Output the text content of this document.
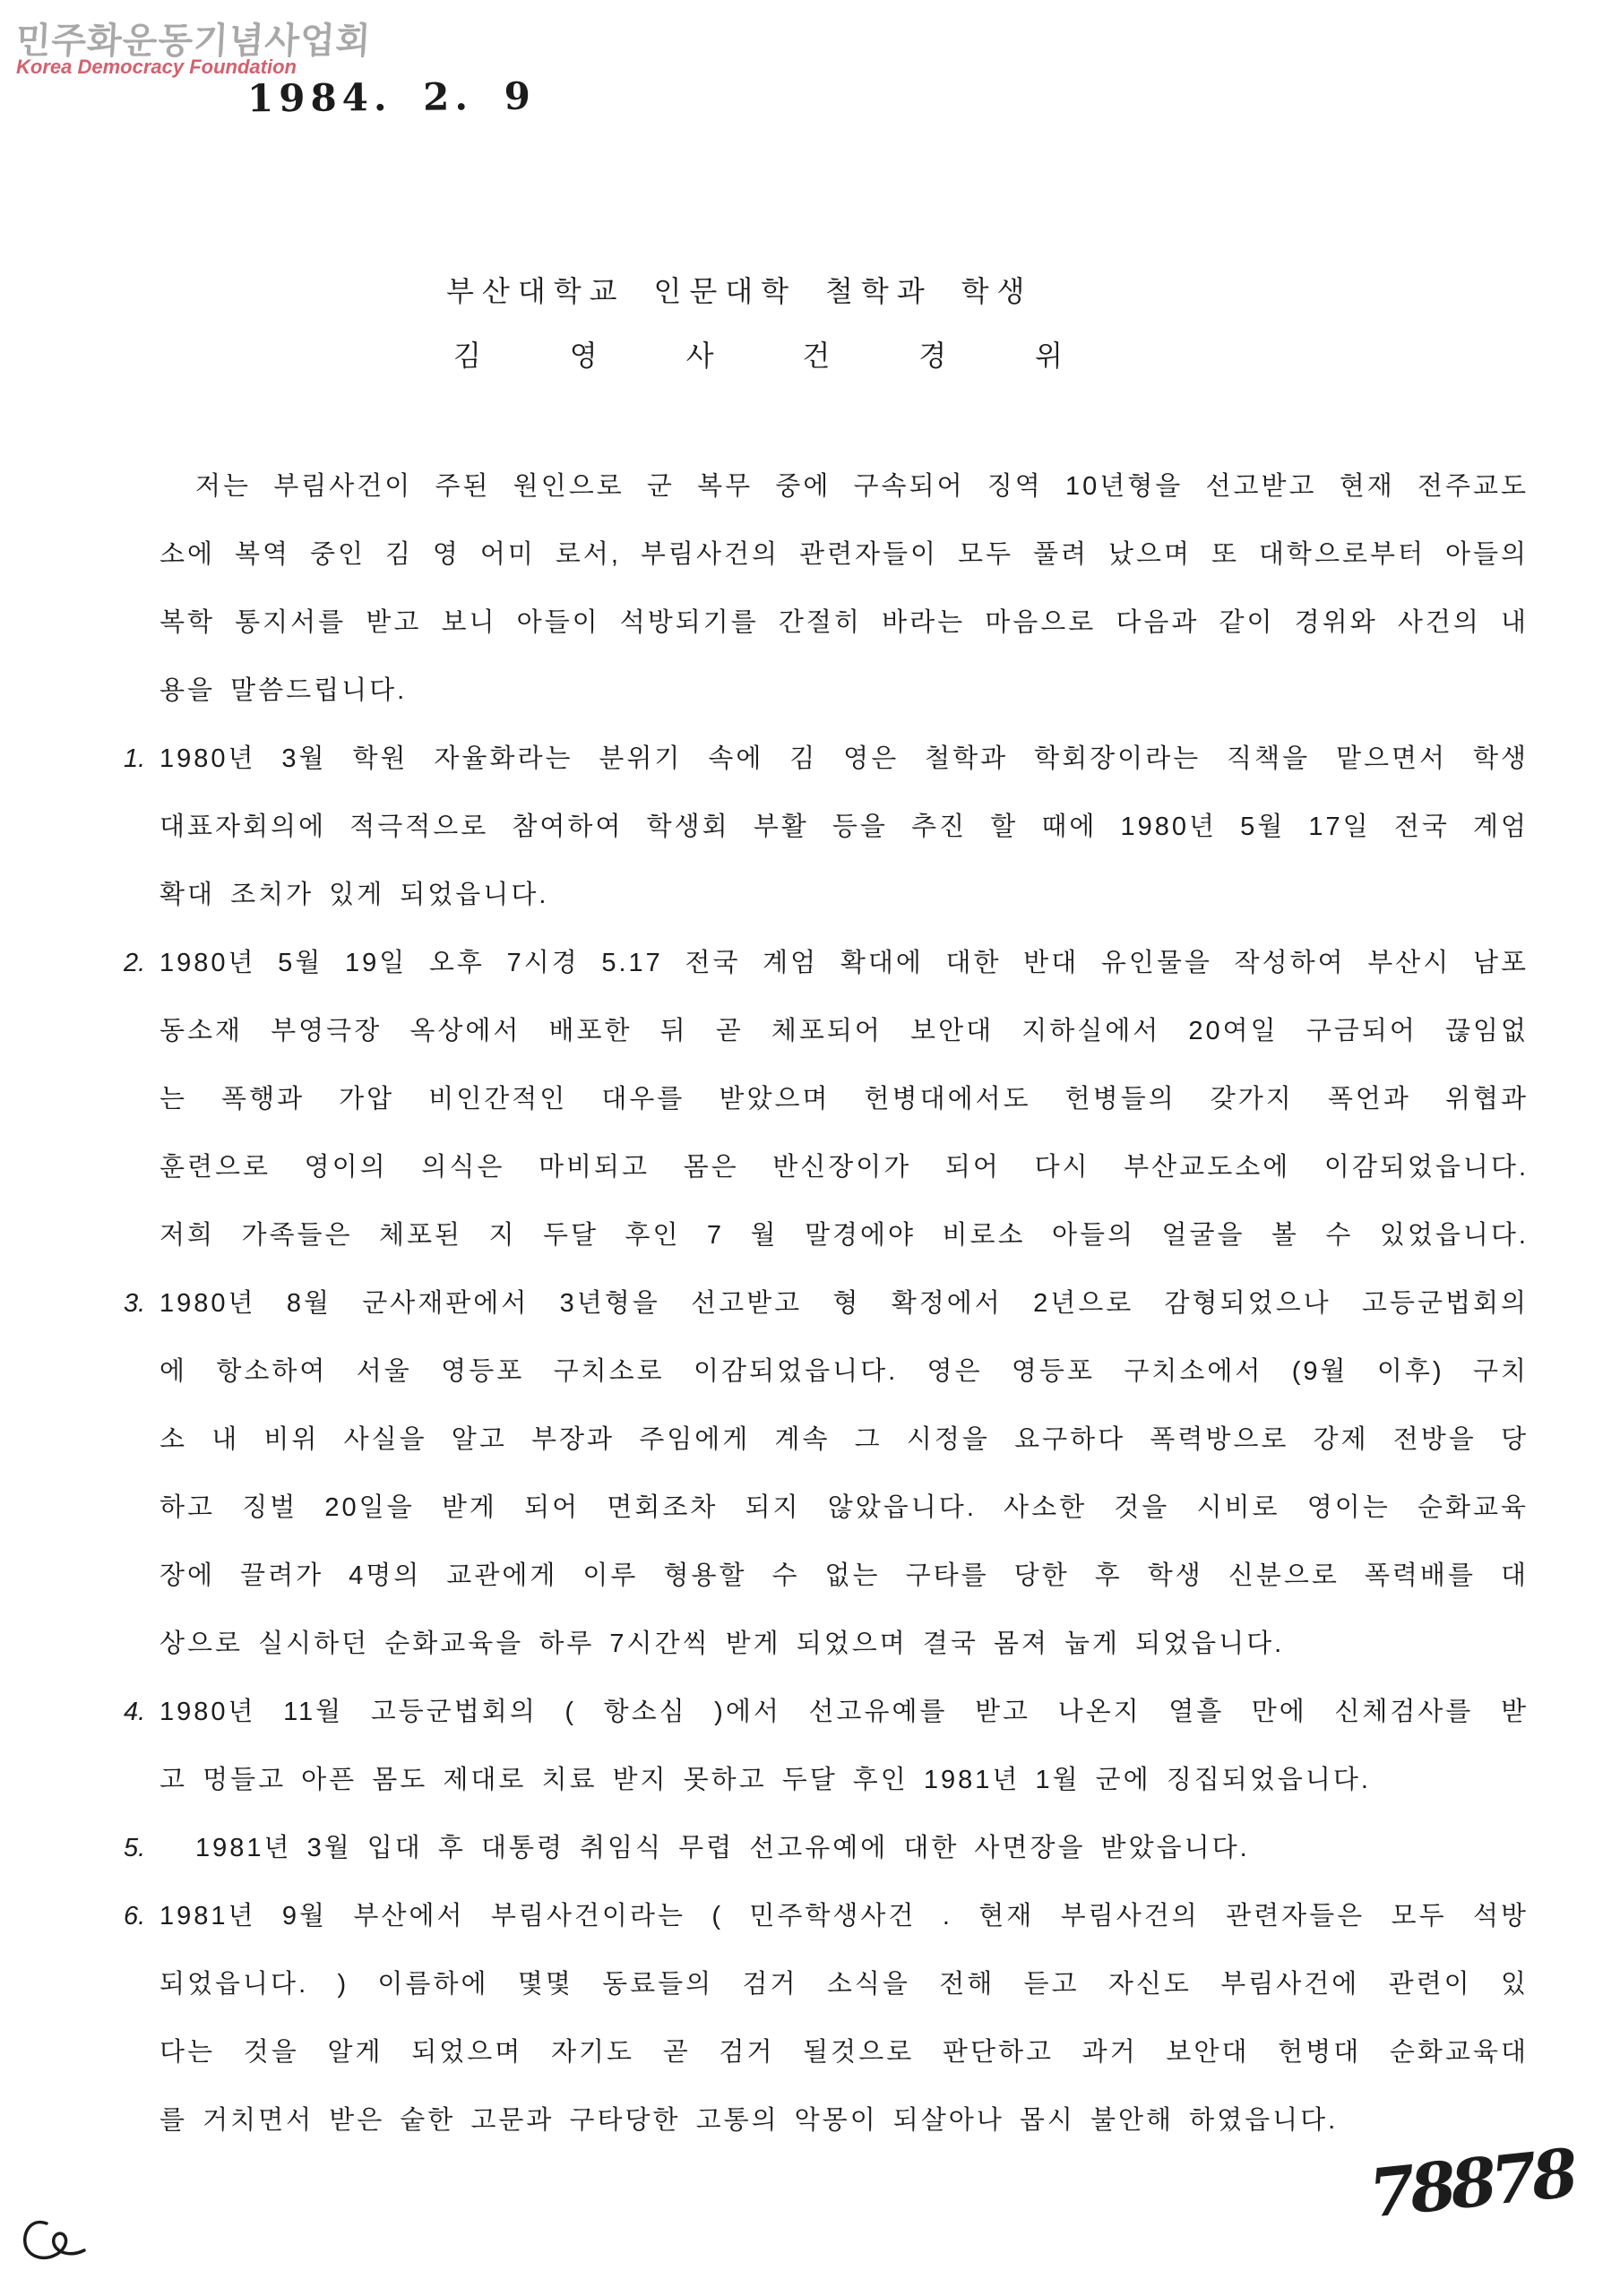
민주화운동기념사업회
Korea Democracy Foundation
1984. 2. 9
부산대학교 인문대학 철학과 학생
김 영 사 건 경 위
저는 부림사건이 주된 원인으로 군 복무 중에 구속되어 징역 10년형을 선고받고 현재 전주교도
소에 복역 중인 김 영 어미 로서, 부림사건의 관련자들이 모두 풀려 났으며 또 대학으로부터 아들의
복학 통지서를 받고 보니 아들이 석방되기를 간절히 바라는 마음으로 다음과 같이 경위와 사건의 내
용을 말씀드립니다.
1. 1980년 3월 학원 자율화라는 분위기 속에 김 영은 철학과 학회장이라는 직책을 맡으면서 학생
대표자회의에 적극적으로 참여하여 학생회 부활 등을 추진 할 때에 1980년 5월 17일 전국 계엄
확대 조치가 있게 되었읍니다.
2. 1980년 5월 19일 오후 7시경 5.17 전국 계엄 확대에 대한 반대 유인물을 작성하여 부산시 남포
동소재 부영극장 옥상에서 배포한 뒤 곧 체포되어 보안대 지하실에서 20여일 구금되어 끊임없
는 폭행과 가압 비인간적인 대우를 받았으며 헌병대에서도 헌병들의 갖가지 폭언과 위협과
훈련으로 영이의 의식은 마비되고 몸은 반신장이가 되어 다시 부산교도소에 이감되었읍니다.
저희 가족들은 체포된 지 두달 후인 7 월 말경에야 비로소 아들의 얼굴을 볼 수 있었읍니다.
3. 1980년 8월 군사재판에서 3년형을 선고받고 형 확정에서 2년으로 감형되었으나 고등군법회의
에 항소하여 서울 영등포 구치소로 이감되었읍니다. 영은 영등포 구치소에서 (9월 이후) 구치
소 내 비위 사실을 알고 부장과 주임에게 계속 그 시정을 요구하다 폭력방으로 강제 전방을 당
하고 징벌 20일을 받게 되어 면회조차 되지 않았읍니다. 사소한 것을 시비로 영이는 순화교육
장에 끌려가 4명의 교관에게 이루 형용할 수 없는 구타를 당한 후 학생 신분으로 폭력배를 대
상으로 실시하던 순화교육을 하루 7시간씩 받게 되었으며 결국 몸져 눕게 되었읍니다.
4. 1980년 11월 고등군법회의 ( 항소심 )에서 선고유예를 받고 나온지 열흘 만에 신체검사를 받
고 멍들고 아픈 몸도 제대로 치료 받지 못하고 두달 후인 1981년 1월 군에 징집되었읍니다.
5.	1981년 3월 입대 후 대통령 취임식 무렵 선고유예에 대한 사면장을 받았읍니다.
6. 1981년 9월 부산에서 부림사건이라는 ( 민주학생사건 . 현재 부림사건의 관련자들은 모두 석방
되었읍니다. ) 이름하에 몇몇 동료들의 검거 소식을 전해 듣고 자신도 부림사건에 관련이 있
다는 것을 알게 되었으며 자기도 곧 검거 될것으로 판단하고 과거 보안대 헌병대 순화교육대
를 거치면서 받은 숱한 고문과 구타당한 고통의 악몽이 되살아나 몹시 불안해 하였읍니다.
78878
